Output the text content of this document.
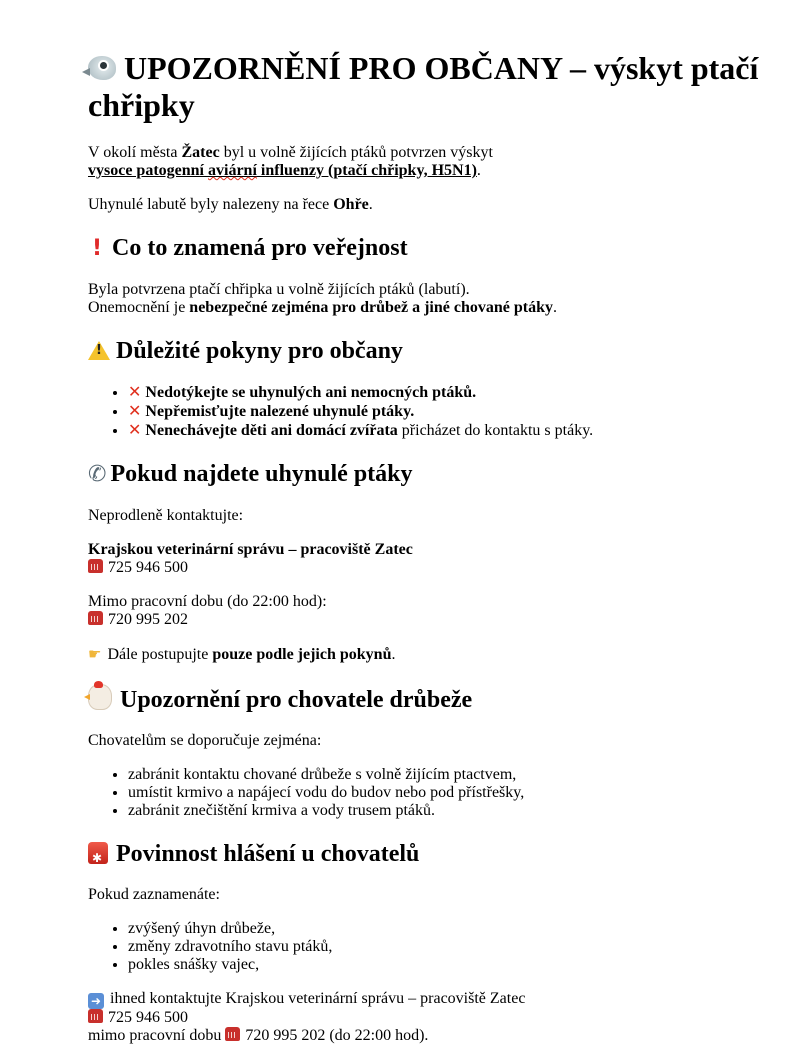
UPOZORNĚNÍ PRO OBČANY – výskyt ptačí chřipky

V okolí města Žatec byl u volně žijících ptáků potvrzen výskyt
vysoce patogenní aviární influenzy (ptačí chřipky, H5N1).

Uhynulé labutě byly nalezeny na řece Ohře.

! Co to znamená pro veřejnost

Byla potvrzena ptačí chřipka u volně žijících ptáků (labutí).
Onemocnění je nebezpečné zejména pro drůbež a jiné chované ptáky.

!Důležité pokyny pro občany
• ✕ Nedotýkejte se uhynulých ani nemocných ptáků.
• ✕ Nepřemisťujte nalezené uhynulé ptáky.
• ✕ Nenechávejte děti ani domácí zvířata přicházet do kontaktu s ptáky.
✆ Pokud najdete uhynulé ptáky

Neprodleně kontaktujte:

Krajskou veterinární správu – pracoviště Zatec
725 946 500

Mimo pracovní dobu (do 22:00 hod):
720 995 202

☛ Dále postupujte pouze podle jejich pokynů.

Upozornění pro chovatele drůbeže

Chovatelům se doporučuje zejména:

• zabránit kontaktu chované drůbeže s volně žijícím ptactvem,
• umístit krmivo a napájecí vodu do budov nebo pod přístřešky,
• zabránit znečištění krmiva a vody trusem ptáků.
✱Povinnost hlášení u chovatelů

Pokud zaznamenáte:

• zvýšený úhyn drůbeže,
• změny zdravotního stavu ptáků,
• pokles snášky vajec,

➜ ihned kontaktujte Krajskou veterinární správu – pracoviště Zatec
725 946 500
mimo pracovní dobu 720 995 202 (do 22:00 hod).
